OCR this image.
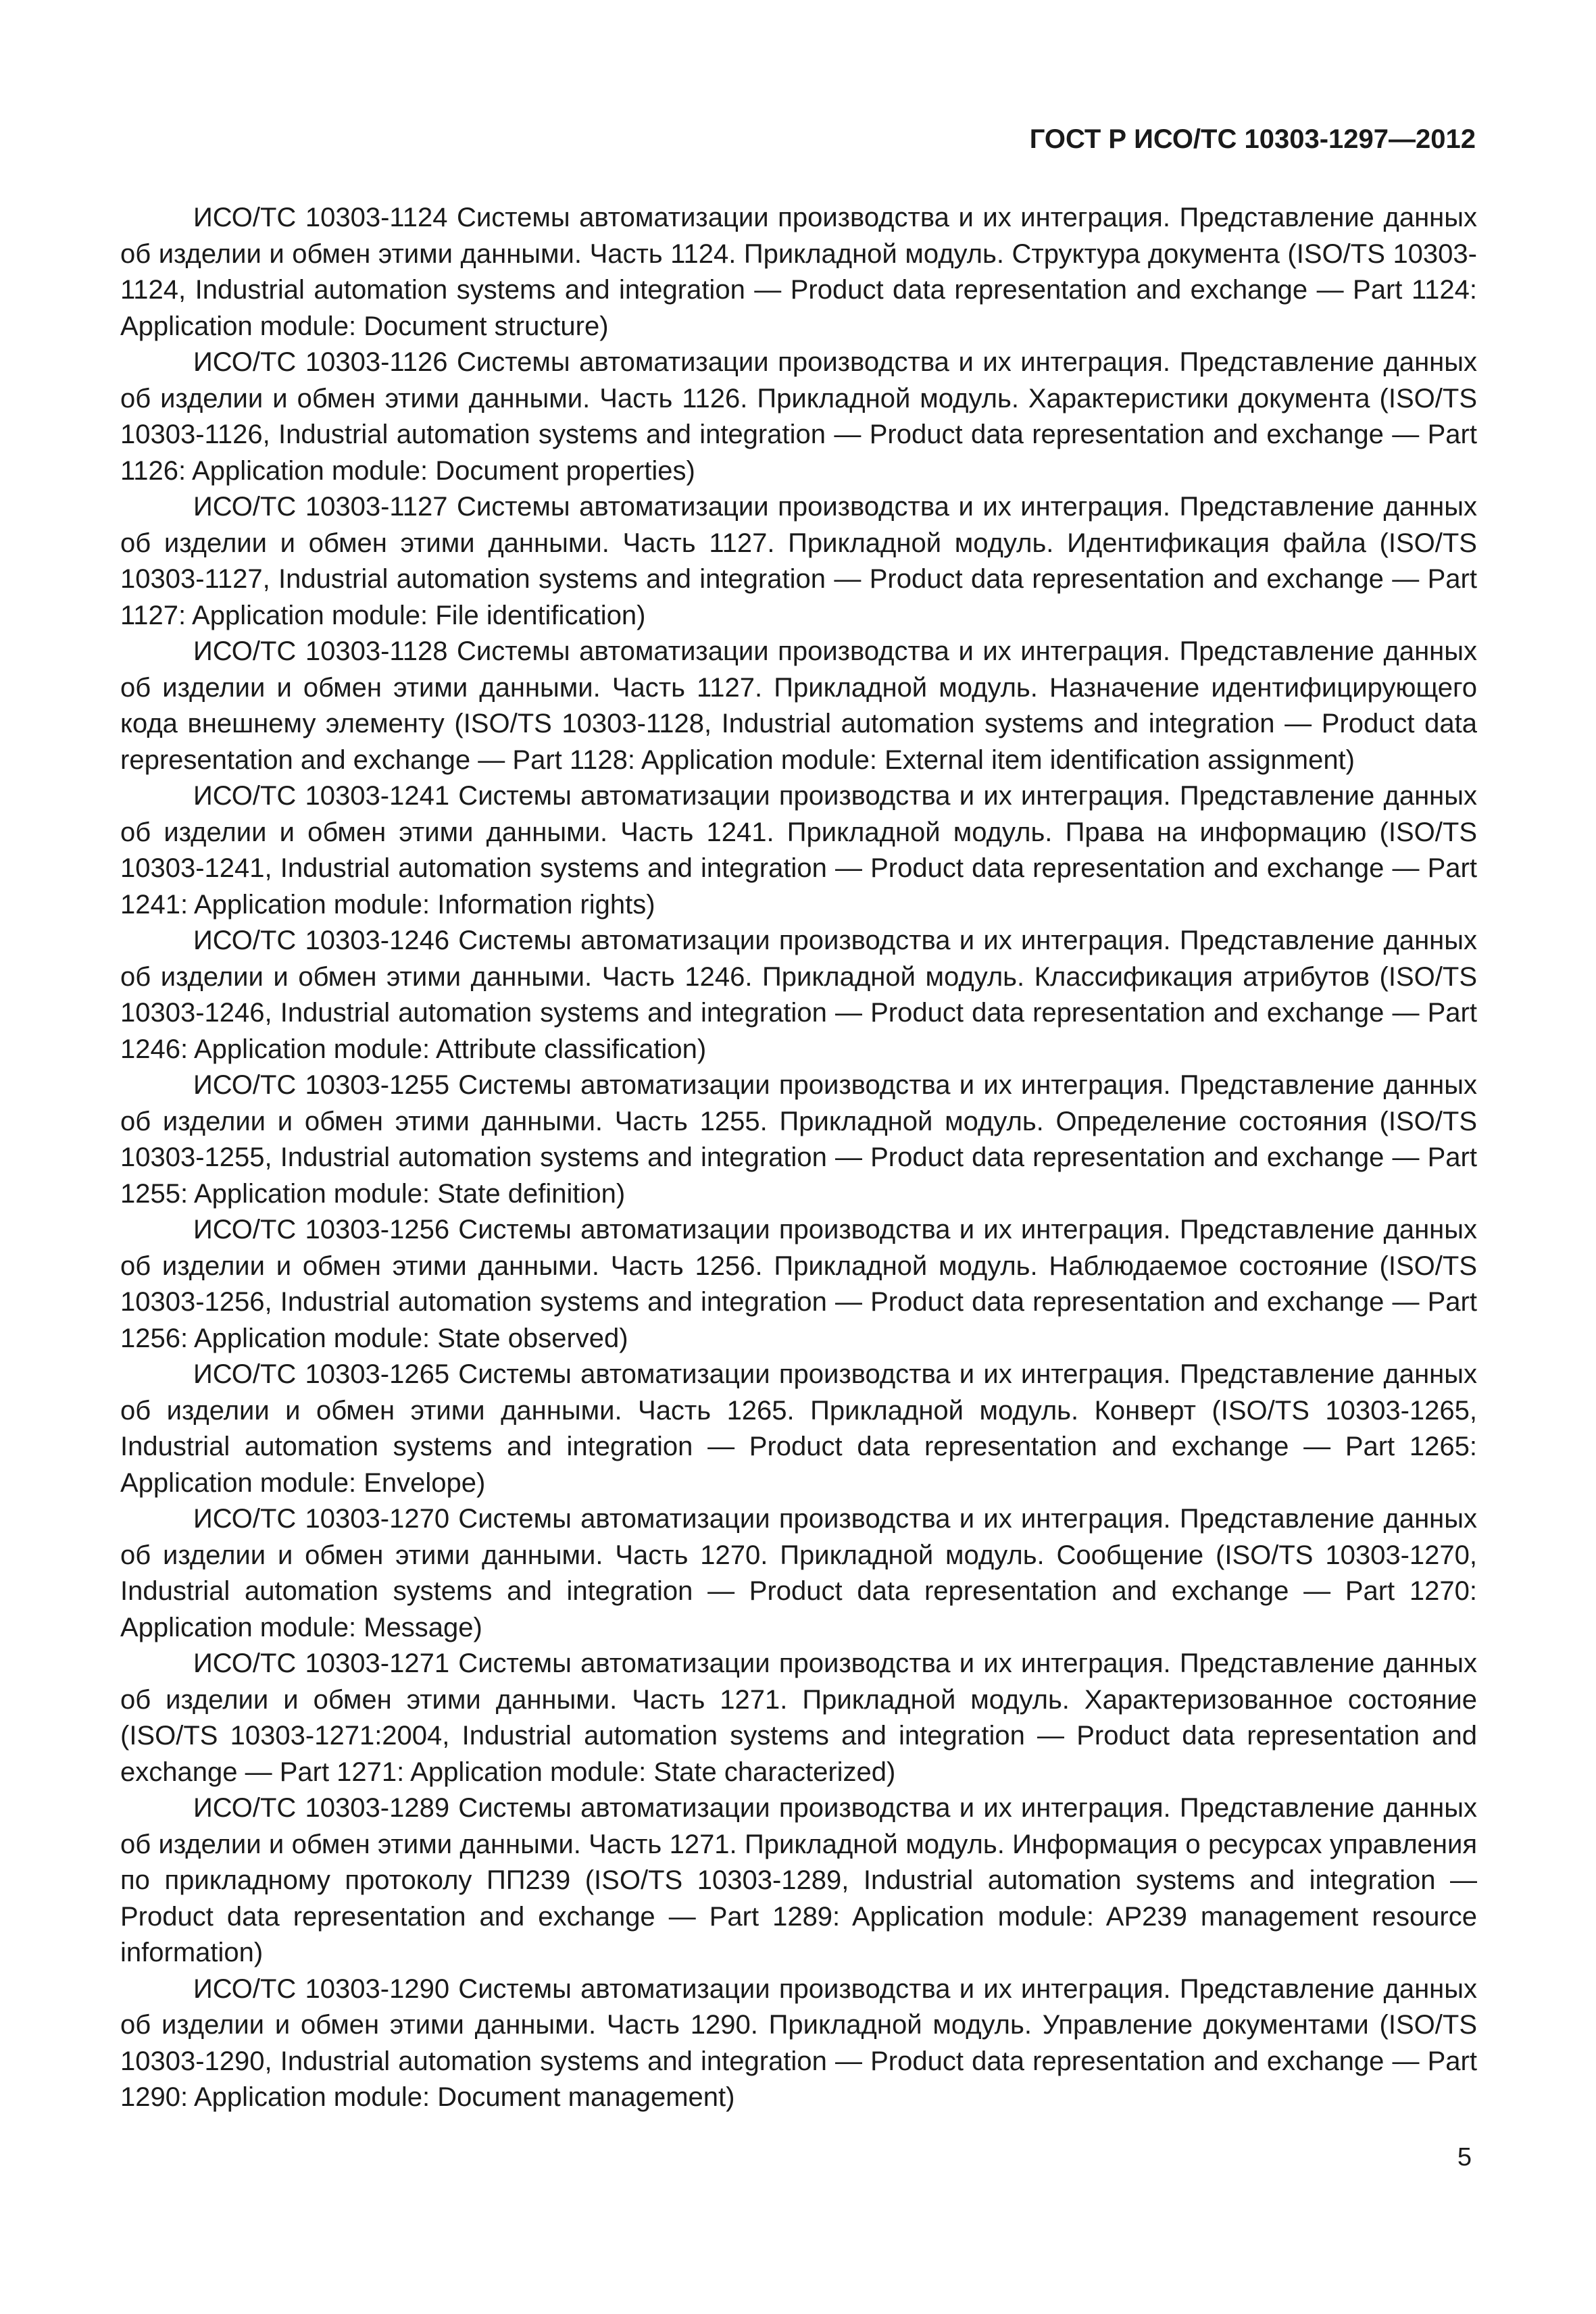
ГОСТ Р ИСО/ТС 10303-1297—2012

ИСО/ТС 10303-1124 Системы автоматизации производства и их интеграция. Представление данных об изделии и обмен этими данными. Часть 1124. Прикладной модуль. Структура документа (ISO/TS 10303-1124, Industrial automation systems and integration — Product data representation and exchange — Part 1124: Application module: Document structure)

ИСО/ТС 10303-1126 Системы автоматизации производства и их интеграция. Представление данных об изделии и обмен этими данными. Часть 1126. Прикладной модуль. Характеристики документа (ISO/TS 10303-1126, Industrial automation systems and integration — Product data representation and exchange — Part 1126: Application module: Document properties)

ИСО/ТС 10303-1127 Системы автоматизации производства и их интеграция. Представление данных об изделии и обмен этими данными. Часть 1127. Прикладной модуль. Идентификация файла (ISO/TS 10303-1127, Industrial automation systems and integration — Product data representation and exchange — Part 1127: Application module: File identification)

ИСО/ТС 10303-1128 Системы автоматизации производства и их интеграция. Представление данных об изделии и обмен этими данными. Часть 1127. Прикладной модуль. Назначение идентифицирующего кода внешнему элементу (ISO/TS 10303-1128, Industrial automation systems and integration — Product data representation and exchange — Part 1128: Application module: External item identification assignment)

ИСО/ТС 10303-1241 Системы автоматизации производства и их интеграция. Представление данных об изделии и обмен этими данными. Часть 1241. Прикладной модуль. Права на информацию (ISO/TS 10303-1241, Industrial automation systems and integration — Product data representation and exchange — Part 1241: Application module: Information rights)

ИСО/ТС 10303-1246 Системы автоматизации производства и их интеграция. Представление данных об изделии и обмен этими данными. Часть 1246. Прикладной модуль. Классификация атрибутов (ISO/TS 10303-1246, Industrial automation systems and integration — Product data representation and exchange — Part 1246: Application module: Attribute classification)

ИСО/ТС 10303-1255 Системы автоматизации производства и их интеграция. Представление данных об изделии и обмен этими данными. Часть 1255. Прикладной модуль. Определение состояния (ISO/TS 10303-1255, Industrial automation systems and integration — Product data representation and exchange — Part 1255: Application module: State definition)

ИСО/ТС 10303-1256 Системы автоматизации производства и их интеграция. Представление данных об изделии и обмен этими данными. Часть 1256. Прикладной модуль. Наблюдаемое состояние (ISO/TS 10303-1256, Industrial automation systems and integration — Product data representation and exchange — Part 1256: Application module: State observed)

ИСО/ТС 10303-1265 Системы автоматизации производства и их интеграция. Представление данных об изделии и обмен этими данными. Часть 1265. Прикладной модуль. Конверт (ISO/TS 10303-1265, Industrial automation systems and integration — Product data representation and exchange — Part 1265: Application module: Envelope)

ИСО/ТС 10303-1270 Системы автоматизации производства и их интеграция. Представление данных об изделии и обмен этими данными. Часть 1270. Прикладной модуль. Сообщение (ISO/TS 10303-1270, Industrial automation systems and integration — Product data representation and exchange — Part 1270: Application module: Message)

ИСО/ТС 10303-1271 Системы автоматизации производства и их интеграция. Представление данных об изделии и обмен этими данными. Часть 1271. Прикладной модуль. Характеризованное состояние (ISO/TS 10303-1271:2004, Industrial automation systems and integration — Product data representation and exchange — Part 1271: Application module: State characterized)

ИСО/ТС 10303-1289 Системы автоматизации производства и их интеграция. Представление данных об изделии и обмен этими данными. Часть 1271. Прикладной модуль. Информация о ресурсах управления по прикладному протоколу ПП239 (ISO/TS 10303-1289, Industrial automation systems and integration — Product data representation and exchange — Part 1289: Application module: AP239 management resource information)

ИСО/ТС 10303-1290 Системы автоматизации производства и их интеграция. Представление данных об изделии и обмен этими данными. Часть 1290. Прикладной модуль. Управление документами (ISO/TS 10303-1290, Industrial automation systems and integration — Product data representation and exchange — Part 1290: Application module: Document management)

5
